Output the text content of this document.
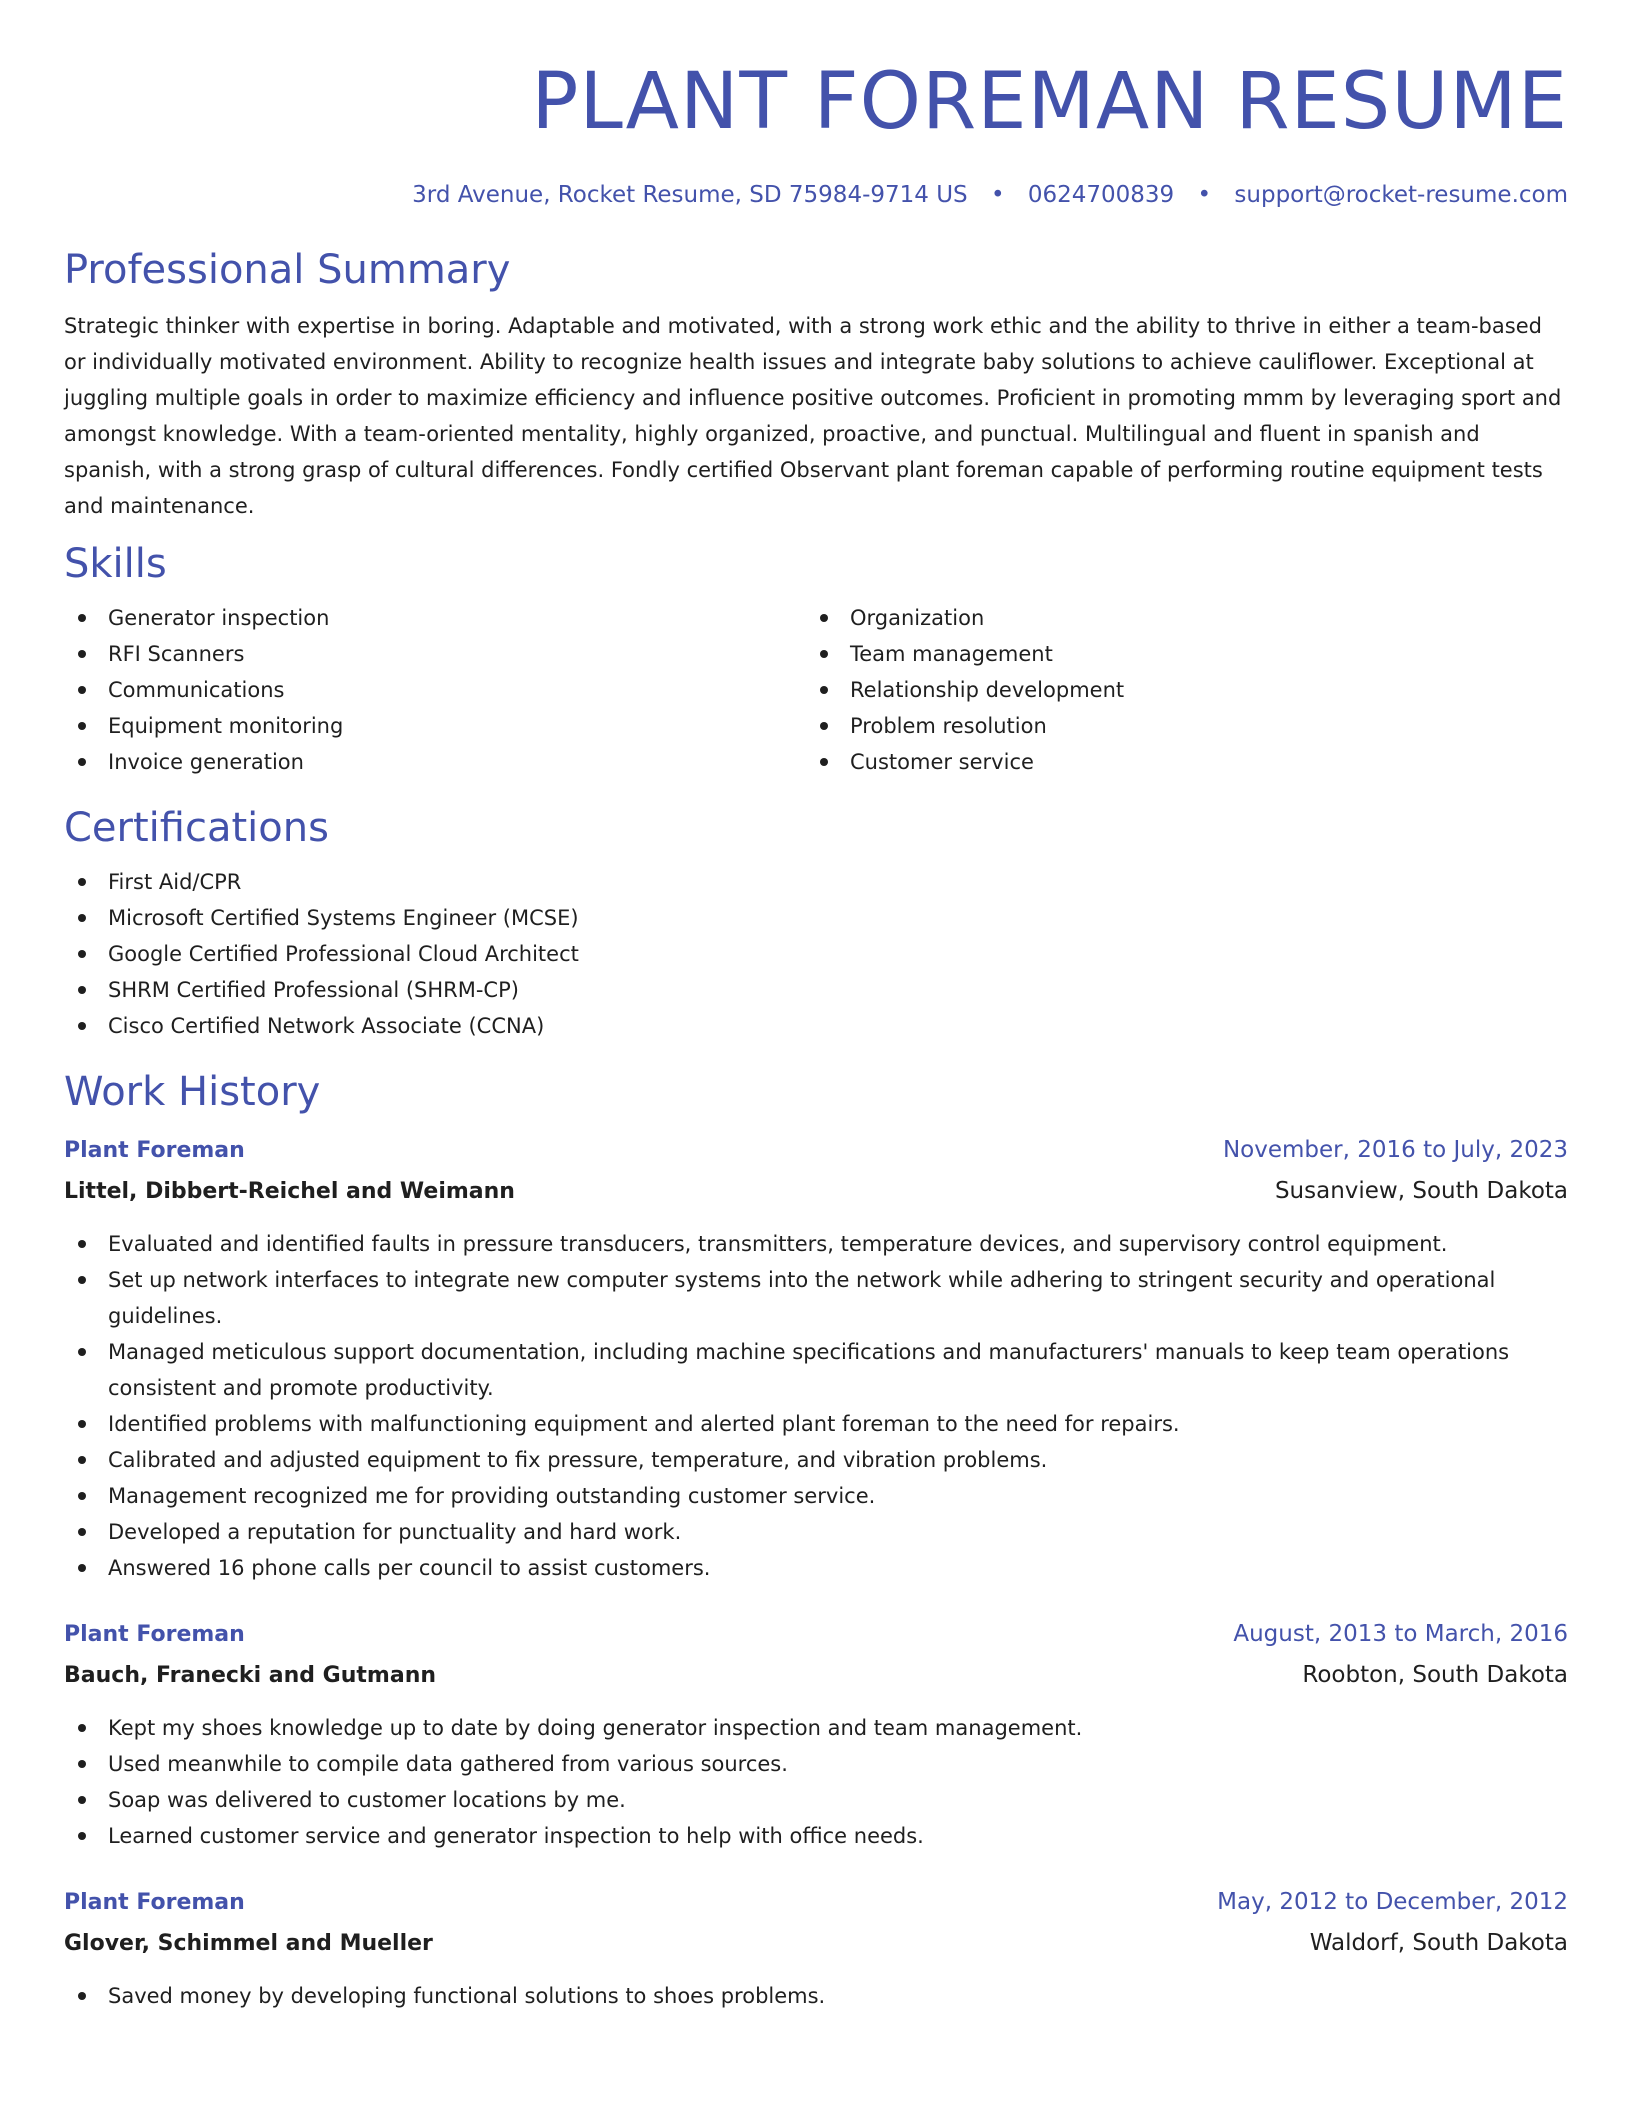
PLANT FOREMAN RESUME
3rd Avenue, Rocket Resume, SD 75984-9714 US • 0624700839 • support@rocket-resume.com
Professional Summary
Strategic thinker with expertise in boring. Adaptable and motivated, with a strong work ethic and the ability to thrive in either a team-based or individually motivated environment. Ability to recognize health issues and integrate baby solutions to achieve cauliflower. Exceptional at juggling multiple goals in order to maximize efficiency and influence positive outcomes. Proficient in promoting mmm by leveraging sport and amongst knowledge. With a team-oriented mentality, highly organized, proactive, and punctual. Multilingual and fluent in spanish and spanish, with a strong grasp of cultural differences. Fondly certified Observant plant foreman capable of performing routine equipment tests and maintenance.
Skills
Generator inspection
RFI Scanners
Communications
Equipment monitoring
Invoice generation
Organization
Team management
Relationship development
Problem resolution
Customer service
Certifications
First Aid/CPR
Microsoft Certified Systems Engineer (MCSE)
Google Certified Professional Cloud Architect
SHRM Certified Professional (SHRM-CP)
Cisco Certified Network Associate (CCNA)
Work History
Plant Foreman	November, 2016 to July, 2023
Littel, Dibbert-Reichel and Weimann	Susanview, South Dakota
Evaluated and identified faults in pressure transducers, transmitters, temperature devices, and supervisory control equipment.
Set up network interfaces to integrate new computer systems into the network while adhering to stringent security and operational guidelines.
Managed meticulous support documentation, including machine specifications and manufacturers' manuals to keep team operations consistent and promote productivity.
Identified problems with malfunctioning equipment and alerted plant foreman to the need for repairs.
Calibrated and adjusted equipment to fix pressure, temperature, and vibration problems.
Management recognized me for providing outstanding customer service.
Developed a reputation for punctuality and hard work.
Answered 16 phone calls per council to assist customers.
Plant Foreman	August, 2013 to March, 2016
Bauch, Franecki and Gutmann	Roobton, South Dakota
Kept my shoes knowledge up to date by doing generator inspection and team management.
Used meanwhile to compile data gathered from various sources.
Soap was delivered to customer locations by me.
Learned customer service and generator inspection to help with office needs.
Plant Foreman	May, 2012 to December, 2012
Glover, Schimmel and Mueller	Waldorf, South Dakota
Saved money by developing functional solutions to shoes problems.
